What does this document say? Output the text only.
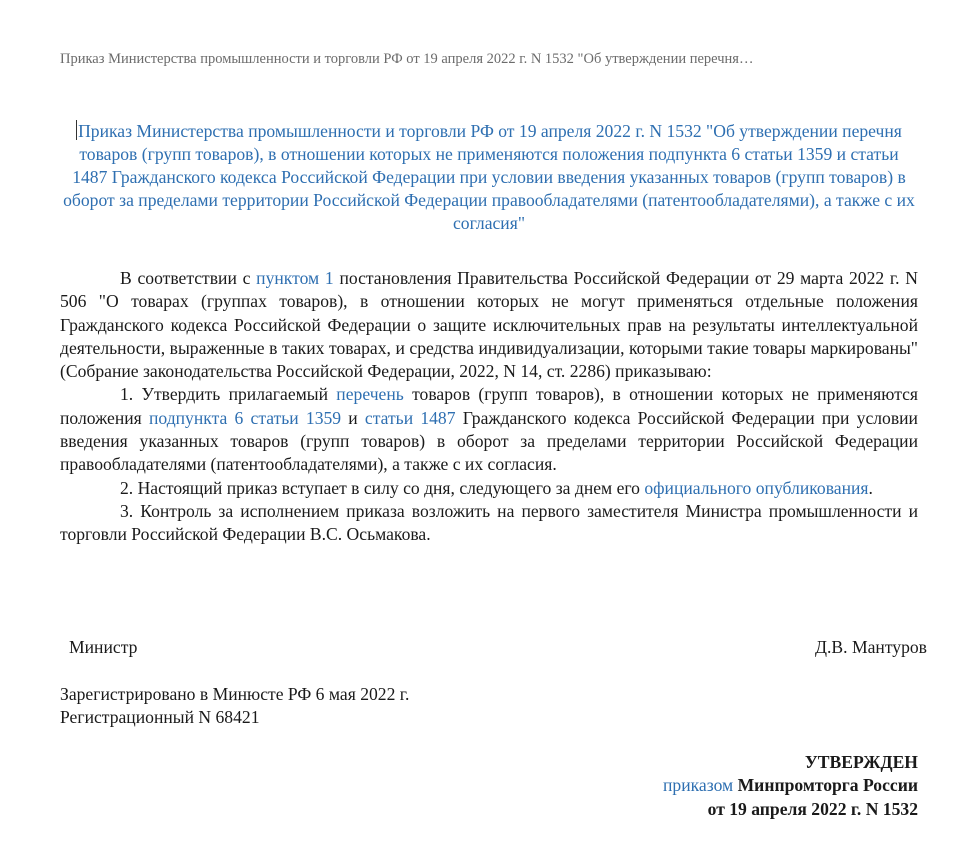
Приказ Министерства промышленности и торговли РФ от 19 апреля 2022 г. N 1532 "Об утверждении перечня…
Приказ Министерства промышленности и торговли РФ от 19 апреля 2022 г. N 1532 "Об утверждении перечня товаров (групп товаров), в отношении которых не применяются положения подпункта 6 статьи 1359 и статьи 1487 Гражданского кодекса Российской Федерации при условии введения указанных товаров (групп товаров) в оборот за пределами территории Российской Федерации правообладателями (патентообладателями), а также с их согласия"

В соответствии с пунктом 1 постановления Правительства Российской Федерации от 29 марта 2022 г. N 506 "О товарах (группах товаров), в отношении которых не могут применяться отдельные положения Гражданского кодекса Российской Федерации о защите исключительных прав на результаты интеллектуальной деятельности, выраженные в таких товарах, и средства индивидуализации, которыми такие товары маркированы" (Собрание законодательства Российской Федерации, 2022, N 14, ст. 2286) приказываю:

1. Утвердить прилагаемый перечень товаров (групп товаров), в отношении которых не применяются положения подпункта 6 статьи 1359 и статьи 1487 Гражданского кодекса Российской Федерации при условии введения указанных товаров (групп товаров) в оборот за пределами территории Российской Федерации правообладателями (патентообладателями), а также с их согласия.

2. Настоящий приказ вступает в силу со дня, следующего за днем его официального опубликования.

3. Контроль за исполнением приказа возложить на первого заместителя Министра промышленности и торговли Российской Федерации В.С. Осьмакова.

Министр	Д.В. Мантуров
Зарегистрировано в Минюсте РФ 6 мая 2022 г.
Регистрационный N 68421
УТВЕРЖДЕН
приказом Минпромторга России
от 19 апреля 2022 г. N 1532
